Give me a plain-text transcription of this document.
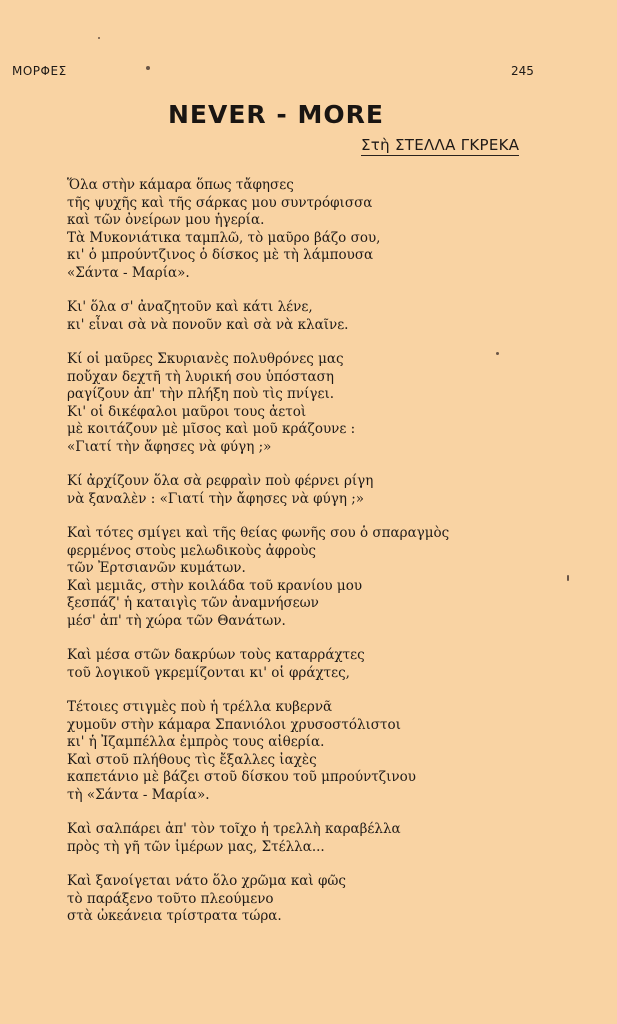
ΜΟΡΦΕΣ	245
NEVER - MORE
Στὴ ΣΤΕΛΛΑ ΓΚΡΕΚΑ
Ὅλα στὴν κάμαρα ὅπως τἄφησες
τῆς ψυχῆς καὶ τῆς σάρκας μου συντρόφισσα
καὶ τῶν ὀνείρων μου ἡγερία.
Τὰ Μυκονιάτικα ταμπλῶ, τὸ μαῦρο βάζο σου,
κι' ὁ μπρούντζινος ὁ δίσκος μὲ τὴ λάμπουσα
«Σάντα - Μαρία».
Κι' ὅλα σ' ἀναζητοῦν καὶ κάτι λένε,
κι' εἶναι σὰ νὰ πονοῦν καὶ σὰ νὰ κλαῖνε.
Κί οἱ μαῦρες Σκυριανὲς πολυθρόνες μας
ποὔχαν δεχτῆ τὴ λυρική σου ὑπόσταση
ραγίζουν ἀπ' τὴν πλήξη ποὺ τὶς πνίγει.
Κι' οἱ δικέφαλοι μαῦροι τους ἀετοὶ
μὲ κοιτάζουν μὲ μῖσος καὶ μοῦ κράζουνε :
«Γιατί τὴν ἄφησες νὰ φύγη ;»
Κί ἀρχίζουν ὅλα σὰ ρεφραὶν ποὺ φέρνει ρίγη
νὰ ξαναλὲν : «Γιατί τὴν ἄφησες νὰ φύγη ;»
Καὶ τότες σμίγει καὶ τῆς θείας φωνῆς σου ὁ σπαραγμὸς
φερμένος στοὺς μελωδικοὺς ἀφροὺς
τῶν Ἐρτσιανῶν κυμάτων.
Καὶ μεμιᾶς, στὴν κοιλάδα τοῦ κρανίου μου
ξεσπάζ' ἡ καταιγὶς τῶν ἀναμνήσεων
μέσ' ἀπ' τὴ χώρα τῶν Θανάτων.
Καὶ μέσα στῶν δακρύων τοὺς καταρράχτες
τοῦ λογικοῦ γκρεμίζονται κι' οἱ φράχτες,
Τέτοιες στιγμὲς ποὺ ἡ τρέλλα κυβερνᾶ
χυμοῦν στὴν κάμαρα Σπανιόλοι χρυσοστόλιστοι
κι' ἡ Ἰζαμπέλλα ἐμπρὸς τους αἰθερία.
Καὶ στοῦ πλήθους τὶς ἔξαλλες ἰαχὲς
καπετάνιο μὲ βάζει στοῦ δίσκου τοῦ μπρούντζινου
τὴ «Σάντα - Μαρία».
Καὶ σαλπάρει ἀπ' τὸν τοῖχο ἡ τρελλὴ καραβέλλα
πρὸς τὴ γῆ τῶν ἱμέρων μας, Στέλλα...
Καὶ ξανοίγεται νάτο ὅλο χρῶμα καὶ φῶς
τὸ παράξενο τοῦτο πλεούμενο
στὰ ὠκεάνεια τρίστρατα τώρα.
